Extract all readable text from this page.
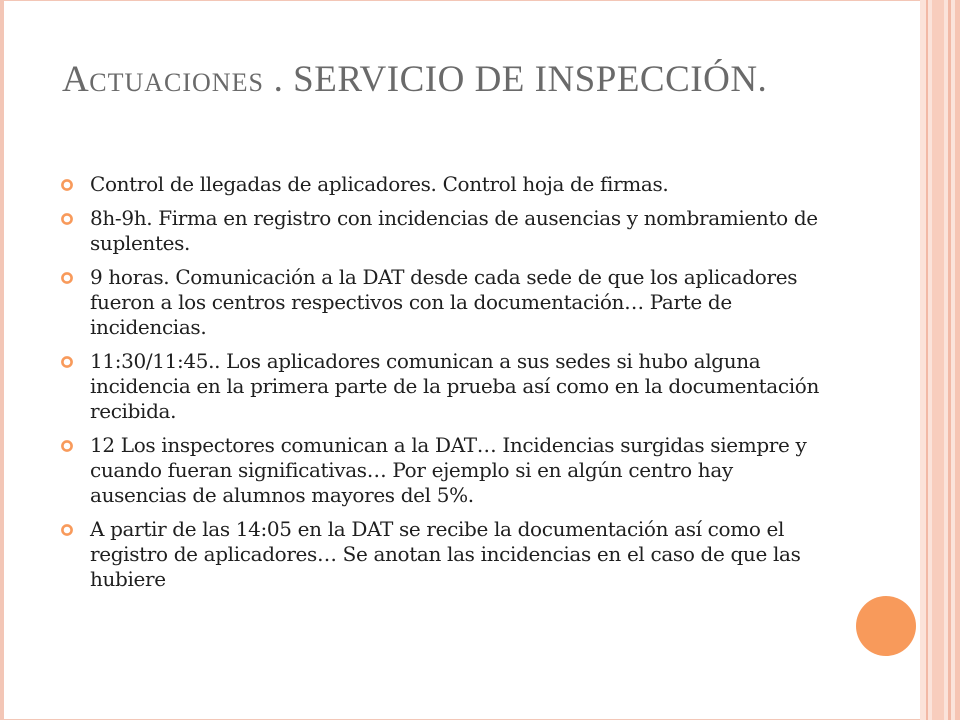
ACTUACIONES . SERVICIO DE INSPECCIÓN.
Control de llegadas de aplicadores. Control hoja de firmas.
8h-9h. Firma en registro con incidencias de ausencias y nombramiento de suplentes.
9 horas. Comunicación a la DAT desde cada sede de que los aplicadores fueron a los centros respectivos con la documentación… Parte de incidencias.
11:30/11:45.. Los aplicadores comunican a sus sedes si hubo alguna incidencia en la primera parte de la prueba así como en la documentación recibida.
12 Los inspectores comunican a la DAT… Incidencias surgidas siempre y cuando fueran significativas… Por ejemplo si en algún centro hay ausencias de alumnos mayores del 5%.
A partir de las 14:05 en la DAT se recibe la documentación así como el registro de aplicadores… Se anotan las incidencias en el caso de que las hubiere
